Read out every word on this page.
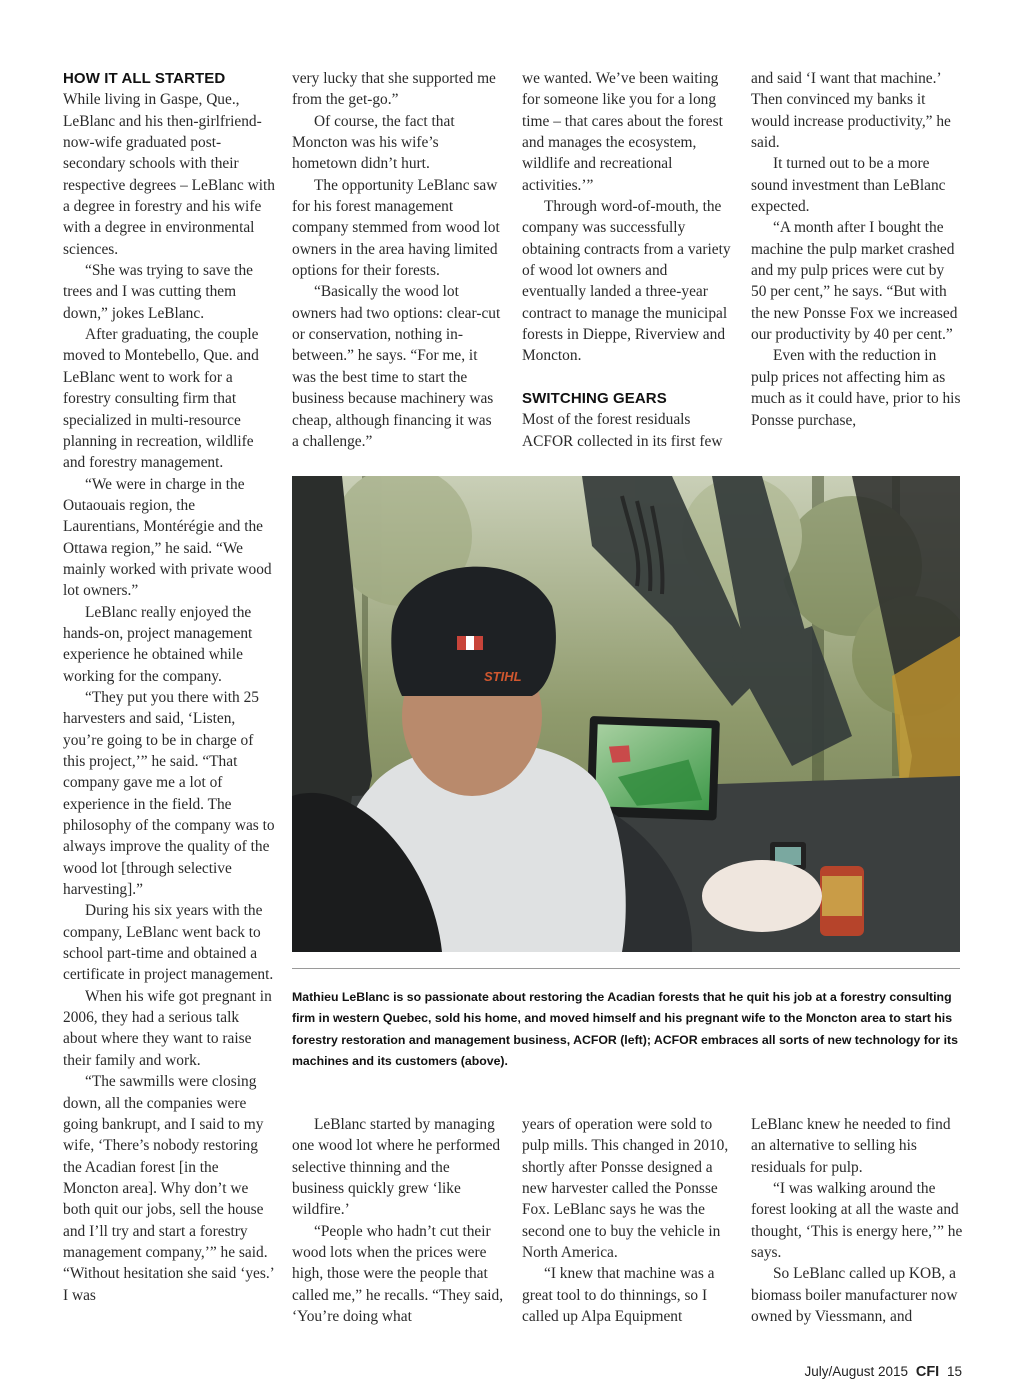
HOW IT ALL STARTED

While living in Gaspe, Que., LeBlanc and his then-girlfriend-now-wife graduated post-secondary schools with their respective degrees – LeBlanc with a degree in forestry and his wife with a degree in environmental sciences.

“She was trying to save the trees and I was cutting them down,” jokes LeBlanc.

After graduating, the couple moved to Montebello, Que. and LeBlanc went to work for a forestry consulting firm that specialized in multi-resource planning in recreation, wildlife and forestry management.

“We were in charge in the Outaouais region, the Laurentians, Montérégie and the Ottawa region,” he said. “We mainly worked with private wood lot owners.”

LeBlanc really enjoyed the hands-on, project management experience he obtained while working for the company.

“They put you there with 25 harvesters and said, ‘Listen, you’re going to be in charge of this project,’” he said. “That company gave me a lot of experience in the field. The philosophy of the company was to always improve the quality of the wood lot [through selective harvesting].”

During his six years with the company, LeBlanc went back to school part-time and obtained a certificate in project management.

When his wife got pregnant in 2006, they had a serious talk about where they want to raise their family and work.

“The sawmills were closing down, all the companies were going bankrupt, and I said to my wife, ‘There’s nobody restoring the Acadian forest [in the Moncton area]. Why don’t we both quit our jobs, sell the house and I’ll try and start a forestry management company,’” he said. “Without hesitation she said ‘yes.’ I was

very lucky that she supported me from the get-go.”

Of course, the fact that Moncton was his wife’s hometown didn’t hurt.

The opportunity LeBlanc saw for his forest management company stemmed from wood lot owners in the area having limited options for their forests.

“Basically the wood lot owners had two options: clear-cut or conservation, nothing in-between.” he says. “For me, it was the best time to start the business because machinery was cheap, although financing it was a challenge.”

we wanted. We’ve been waiting for someone like you for a long time – that cares about the forest and manages the ecosystem, wildlife and recreational activities.’”

Through word-of-mouth, the company was successfully obtaining contracts from a variety of wood lot owners and eventually landed a three-year contract to manage the municipal forests in Dieppe, Riverview and Moncton.

SWITCHING GEARS

Most of the forest residuals ACFOR collected in its first few

and said ‘I want that machine.’ Then convinced my banks it would increase productivity,” he said.

It turned out to be a more sound investment than LeBlanc expected.

“A month after I bought the machine the pulp market crashed and my pulp prices were cut by 50 per cent,” he says. “But with the new Ponsse Fox we increased our productivity by 40 per cent.”

Even with the reduction in pulp prices not affecting him as much as it could have, prior to his Ponsse purchase,

LeBlanc started by managing one wood lot where he performed selective thinning and the business quickly grew ‘like wildfire.’

“People who hadn’t cut their wood lots when the prices were high, those were the people that called me,” he recalls. “They said, ‘You’re doing what

years of operation were sold to pulp mills. This changed in 2010, shortly after Ponsse designed a new harvester called the Ponsse Fox. LeBlanc says he was the second one to buy the vehicle in North America.

“I knew that machine was a great tool to do thinnings, so I called up Alpa Equipment

LeBlanc knew he needed to find an alternative to selling his residuals for pulp.

“I was walking around the forest looking at all the waste and thought, ‘This is energy here,’” he says.

So LeBlanc called up KOB, a biomass boiler manufacturer now owned by Viessmann, and

STIHL
Mathieu LeBlanc is so passionate about restoring the Acadian forests that he quit his job at a forestry consulting firm in western Quebec, sold his home, and moved himself and his pregnant wife to the Moncton area to start his forestry restoration and management business, ACFOR (left); ACFOR embraces all sorts of new technology for its machines and its customers (above).
July/August 2015 CFI 15
